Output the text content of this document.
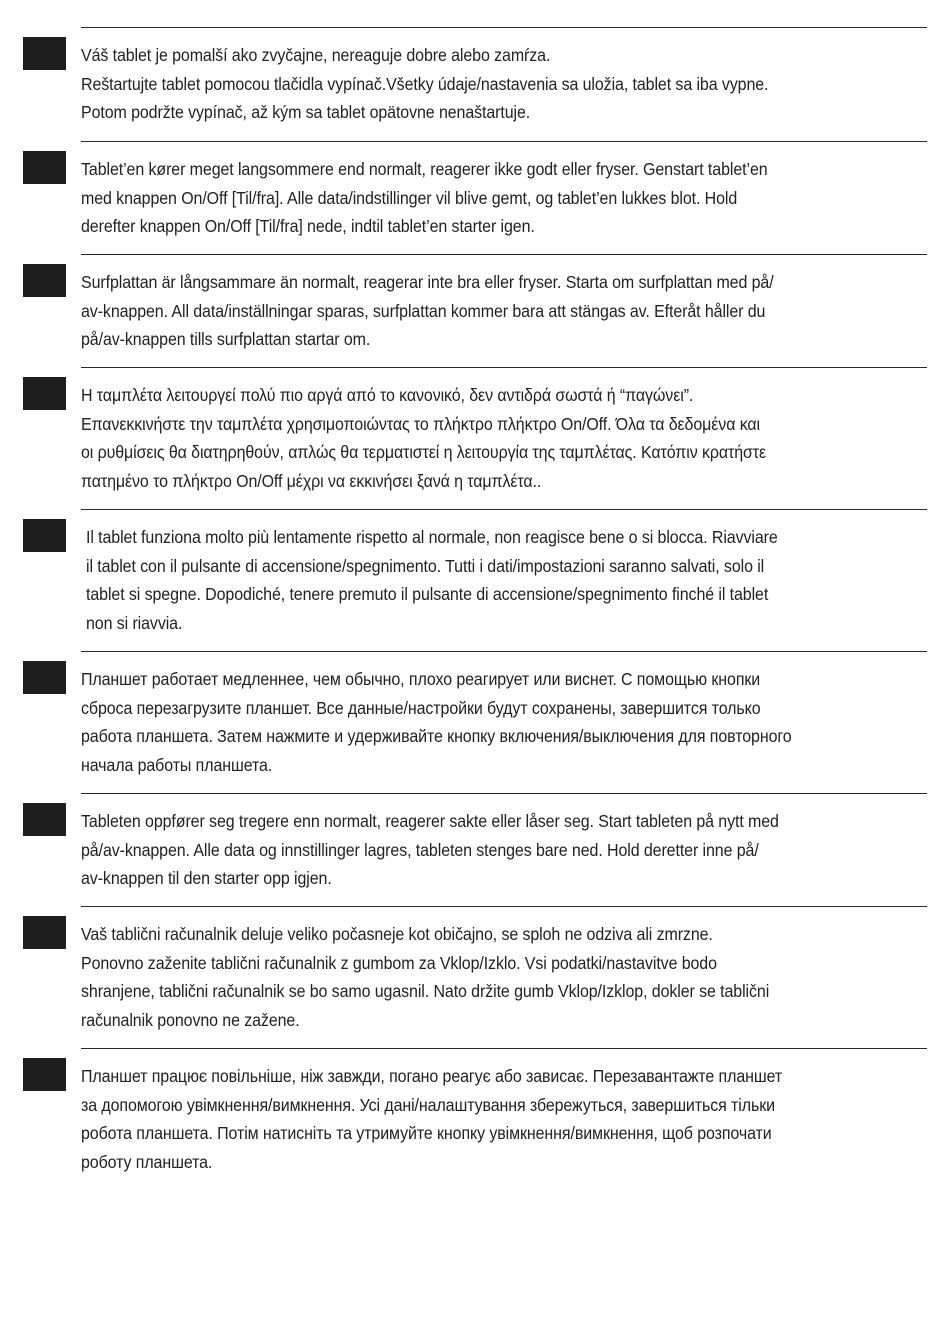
Váš tablet je pomalší ako zvyčajne, nereaguje dobre alebo zamŕza.
Reštartujte tablet pomocou tlačidla vypínač.Všetky údaje/nastavenia sa uložia, tablet sa iba vypne.
Potom podržte vypínač, až kým sa tablet opätovne nenaštartuje.
Tablet’en kører meget langsommere end normalt, reagerer ikke godt eller fryser. Genstart tablet’en
med knappen On/Off [Til/fra]. Alle data/indstillinger vil blive gemt, og tablet’en lukkes blot. Hold
derefter knappen On/Off [Til/fra] nede, indtil tablet’en starter igen.
Surfplattan är långsammare än normalt, reagerar inte bra eller fryser. Starta om surfplattan med på/
av-knappen. All data/inställningar sparas, surfplattan kommer bara att stängas av. Efteråt håller du
på/av-knappen tills surfplattan startar om.
Η ταμπλέτα λειτουργεί πολύ πιο αργά από το κανονικό, δεν αντιδρά σωστά ή “παγώνει”.
Επανεκκινήστε την ταμπλέτα χρησιμοποιώντας το πλήκτρο πλήκτρο On/Off. Όλα τα δεδομένα και
οι ρυθμίσεις θα διατηρηθούν, απλώς θα τερματιστεί η λειτουργία της ταμπλέτας. Κατόπιν κρατήστε
πατημένο το πλήκτρο On/Off μέχρι να εκκινήσει ξανά η ταμπλέτα..
Il tablet funziona molto più lentamente rispetto al normale, non reagisce bene o si blocca. Riavviare
il tablet con il pulsante di accensione/spegnimento. Tutti i dati/impostazioni saranno salvati, solo il
tablet si spegne. Dopodiché, tenere premuto il pulsante di accensione/spegnimento finché il tablet
non si riavvia.
Планшет работает медленнее, чем обычно, плохо реагирует или виснет. С помощью кнопки
сброса перезагрузите планшет. Все данные/настройки будут сохранены, завершится только
работа планшета. Затем нажмите и удерживайте кнопку включения/выключения для повторного
начала работы планшета.
Tableten oppfører seg tregere enn normalt, reagerer sakte eller låser seg. Start tableten på nytt med
på/av-knappen. Alle data og innstillinger lagres, tableten stenges bare ned. Hold deretter inne på/
av-knappen til den starter opp igjen.
Vaš tablični računalnik deluje veliko počasneje kot običajno, se sploh ne odziva ali zmrzne.
Ponovno zaženite tablični računalnik z gumbom za Vklop/Izklo. Vsi podatki/nastavitve bodo
shranjene, tablični računalnik se bo samo ugasnil. Nato držite gumb Vklop/Izklop, dokler se tablični
računalnik ponovno ne zažene.
Планшет працює повільніше, ніж завжди, погано реагує або зависає. Перезавантажте планшет
за допомогою увімкнення/вимкнення. Усі дані/налаштування збережуться, завершиться тільки
робота планшета. Потім натисніть та утримуйте кнопку увімкнення/вимкнення, щоб розпочати
роботу планшета.
